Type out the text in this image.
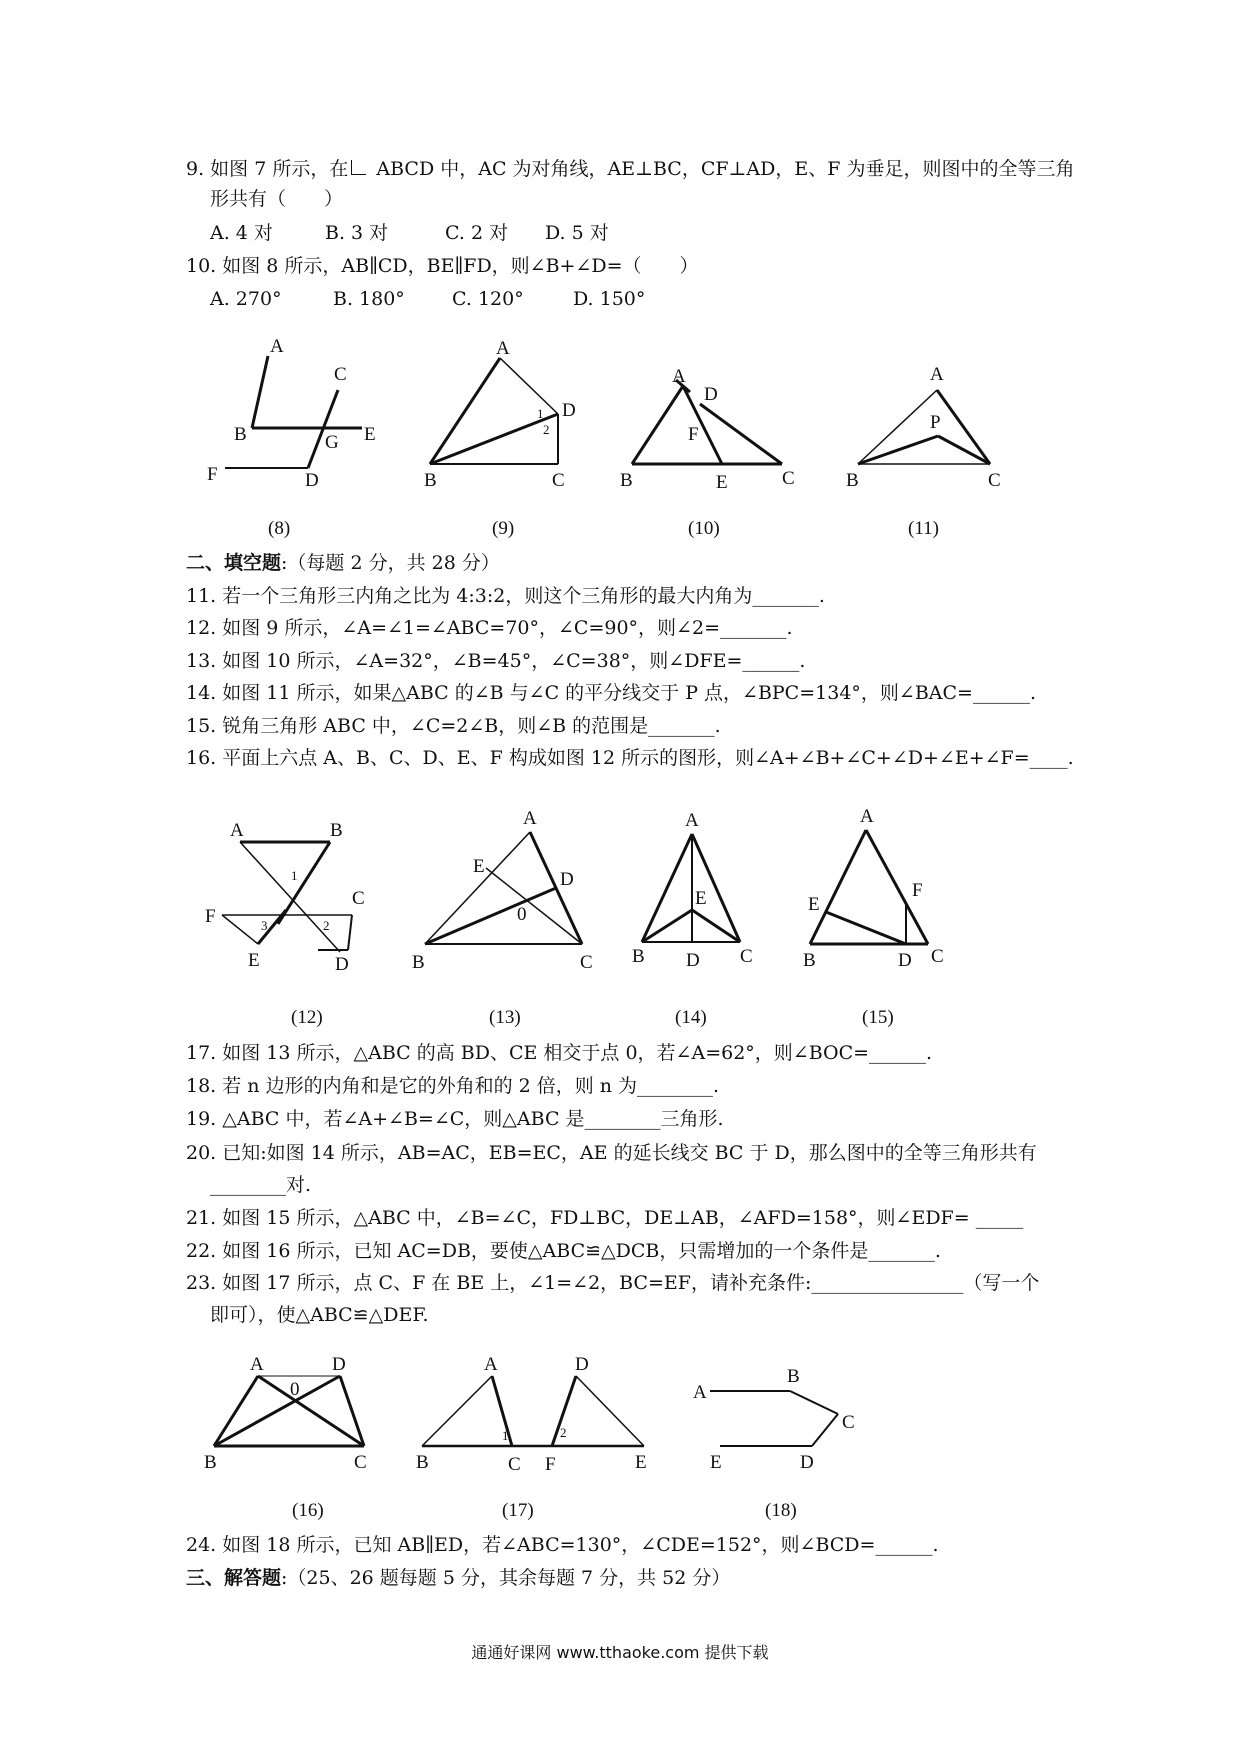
9. 如图 7 所示，在 ABCD 中，AC 为对角线，AE⊥BC，CF⊥AD，E、F 为垂足，则图中的全等三角
形共有（　　）
A. 4 对	B. 3 对	C. 2 对 D. 5 对
10. 如图 8 所示，AB∥CD，BE∥FD，则∠B+∠D=（　　）
A. 270°	B. 180° C. 120°	D. 150°
A
B
C
D
E
F
G
A
B	C
D
1
2
A
B	C
D
E
F
A
B	C
P
(8)	(9)	(10)	(11)
二、填空题:（每题 2 分，共 28 分）
11. 若一个三角形三内角之比为 4:3:2，则这个三角形的最大内角为_______.
12. 如图 9 所示，∠A=∠1=∠ABC=70°，∠C=90°，则∠2=_______.
13. 如图 10 所示，∠A=32°，∠B=45°，∠C=38°，则∠DFE=______.
14. 如图 11 所示，如果△ABC 的∠B 与∠C 的平分线交于 P 点，∠BPC=134°，则∠BAC=______.
15. 锐角三角形 ABC 中，∠C=2∠B，则∠B 的范围是_______.
16. 平面上六点 A、B、C、D、E、F 构成如图 12 所示的图形，则∠A+∠B+∠C+∠D+∠E+∠F=____.
A	B
C
D
E
F
1
2
3
A
B	C
D
E
0
A
B	C
D
E
A
B	C
D
E
F
(12)	(13)	(14)	(15)
17. 如图 13 所示，△ABC 的高 BD、CE 相交于点 0，若∠A=62°，则∠BOC=______.
18. 若 n 边形的内角和是它的外角和的 2 倍，则 n 为________.
19. △ABC 中，若∠A+∠B=∠C，则△ABC 是________三角形.
20. 已知:如图 14 所示，AB=AC，EB=EC，AE 的延长线交 BC 于 D，那么图中的全等三角形共有
________对.
21. 如图 15 所示，△ABC 中，∠B=∠C，FD⊥BC，DE⊥AB，∠AFD=158°，则∠EDF= _____
22. 如图 16 所示，已知 AC=DB，要使△ABC≌△DCB，只需增加的一个条件是_______.
23. 如图 17 所示，点 C、F 在 BE 上，∠1=∠2，BC=EF，请补充条件:________________（写一个
即可），使△ABC≌△DEF.
A
B	C
D
0
A
B	C
D
E
F
1	2
A
B
C
D
E
(16)	(17)	(18)
24. 如图 18 所示，已知 AB∥ED，若∠ABC=130°，∠CDE=152°，则∠BCD=______.
三、解答题:（25、26 题每题 5 分，其余每题 7 分，共 52 分）
通通好课网 www.tthaoke.com 提供下载
